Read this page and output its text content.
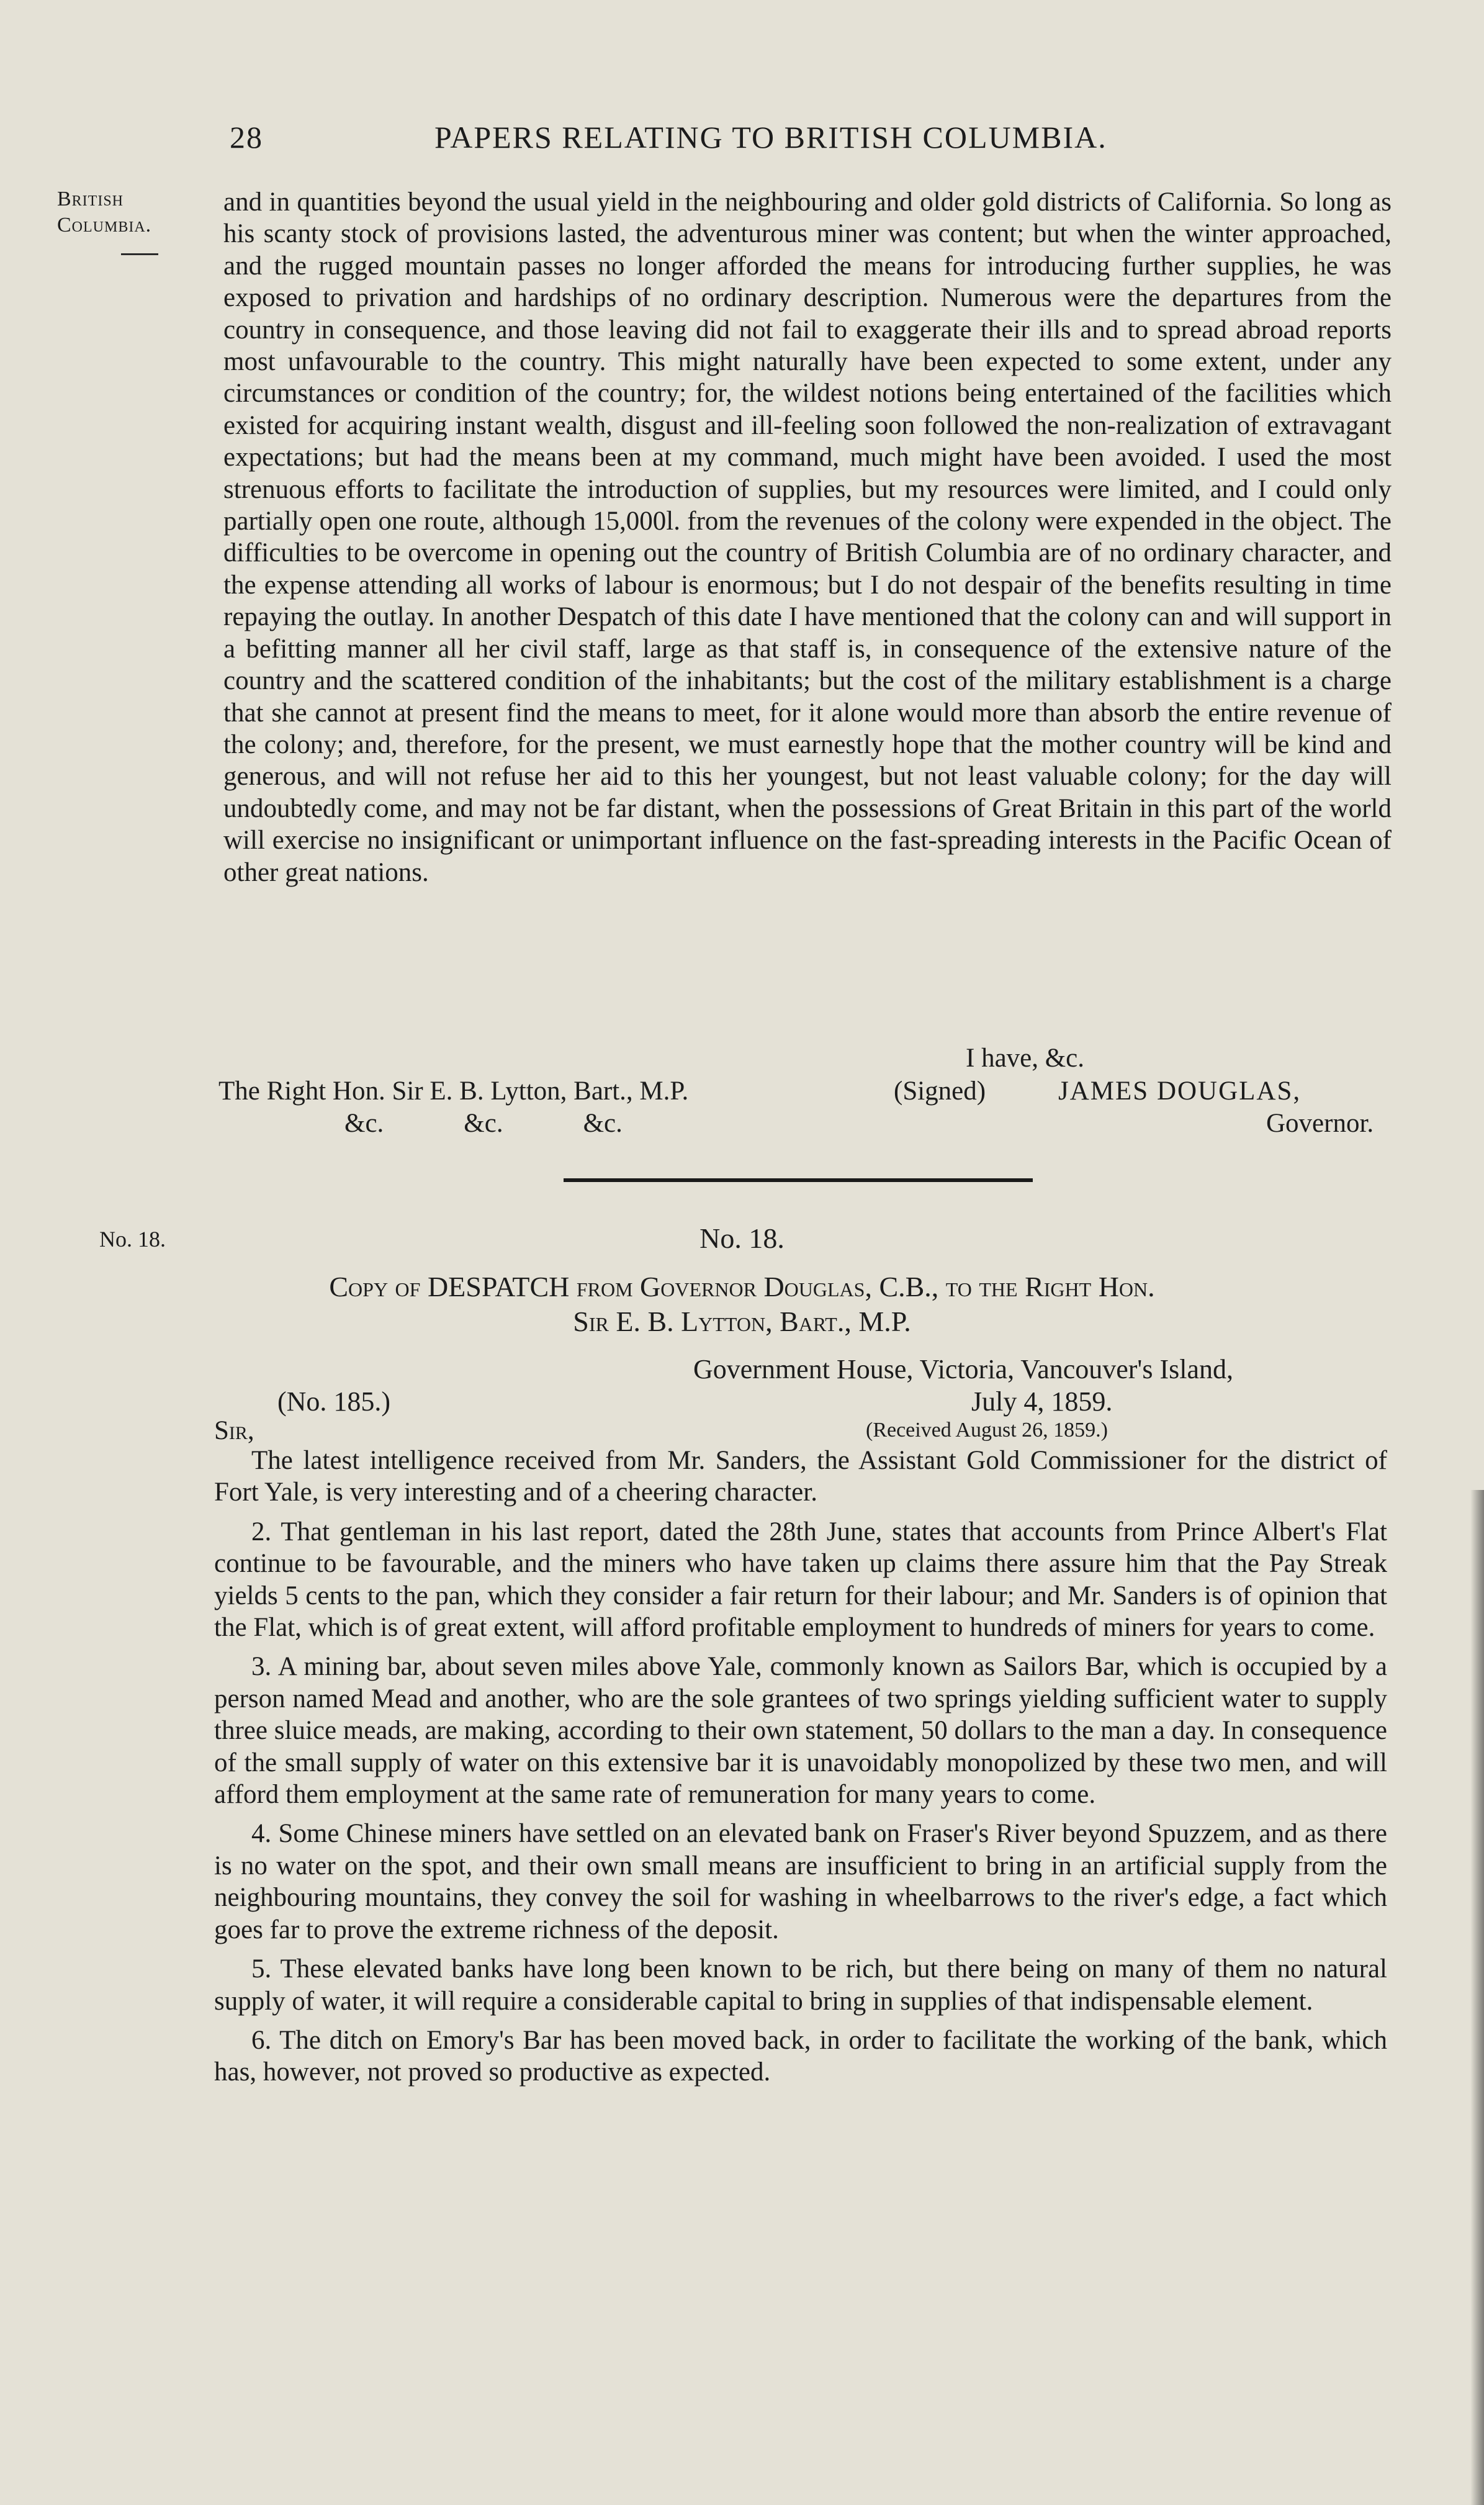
28	PAPERS RELATING TO BRITISH COLUMBIA.
British
Columbia.

and in quantities beyond the usual yield in the neighbouring and older gold districts of California. So long as his scanty stock of provisions lasted, the adventurous miner was content; but when the winter approached, and the rugged mountain passes no longer afforded the means for introducing further supplies, he was exposed to privation and hardships of no ordinary description. Numerous were the departures from the country in consequence, and those leaving did not fail to exaggerate their ills and to spread abroad reports most unfavourable to the country. This might naturally have been expected to some extent, under any circumstances or condition of the country; for, the wildest notions being entertained of the facilities which existed for acquiring instant wealth, disgust and ill-feeling soon followed the non-realization of extravagant expectations; but had the means been at my command, much might have been avoided. I used the most strenuous efforts to facilitate the introduction of supplies, but my resources were limited, and I could only partially open one route, although 15,000l. from the revenues of the colony were expended in the object. The difficulties to be overcome in opening out the country of British Columbia are of no ordinary character, and the expense attending all works of labour is enormous; but I do not despair of the benefits resulting in time repaying the outlay. In another Despatch of this date I have mentioned that the colony can and will support in a befitting manner all her civil staff, large as that staff is, in consequence of the extensive nature of the country and the scattered condition of the inhabitants; but the cost of the military establishment is a charge that she cannot at present find the means to meet, for it alone would more than absorb the entire revenue of the colony; and, therefore, for the present, we must earnestly hope that the mother country will be kind and generous, and will not refuse her aid to this her youngest, but not least valuable colony; for the day will undoubtedly come, and may not be far distant, when the possessions of Great Britain in this part of the world will exercise no insignificant or unimportant influence on the fast-spreading interests in the Pacific Ocean of other great nations.

I have, &c.
The Right Hon. Sir E. B. Lytton, Bart., M.P.	(Signed)	JAMES DOUGLAS,
&c.            &c.            &c.	Governor.
No. 18.	No. 18.
Copy of DESPATCH from Governor Douglas, C.B., to the Right Hon.
Sir E. B. Lytton, Bart., M.P.
Government House, Victoria, Vancouver's Island,
(No. 185.)	July 4, 1859.
Sir,	(Received August 26, 1859.)

The latest intelligence received from Mr. Sanders, the Assistant Gold Commissioner for the district of Fort Yale, is very interesting and of a cheering character.

2. That gentleman in his last report, dated the 28th June, states that accounts from Prince Albert's Flat continue to be favourable, and the miners who have taken up claims there assure him that the Pay Streak yields 5 cents to the pan, which they consider a fair return for their labour; and Mr. Sanders is of opinion that the Flat, which is of great extent, will afford profitable employment to hundreds of miners for years to come.

3. A mining bar, about seven miles above Yale, commonly known as Sailors Bar, which is occupied by a person named Mead and another, who are the sole grantees of two springs yielding sufficient water to supply three sluice meads, are making, according to their own statement, 50 dollars to the man a day. In consequence of the small supply of water on this extensive bar it is unavoidably monopolized by these two men, and will afford them employment at the same rate of remuneration for many years to come.

4. Some Chinese miners have settled on an elevated bank on Fraser's River beyond Spuzzem, and as there is no water on the spot, and their own small means are insufficient to bring in an artificial supply from the neighbouring mountains, they convey the soil for washing in wheelbarrows to the river's edge, a fact which goes far to prove the extreme richness of the deposit.

5. These elevated banks have long been known to be rich, but there being on many of them no natural supply of water, it will require a considerable capital to bring in supplies of that indispensable element.

6. The ditch on Emory's Bar has been moved back, in order to facilitate the working of the bank, which has, however, not proved so productive as expected.
